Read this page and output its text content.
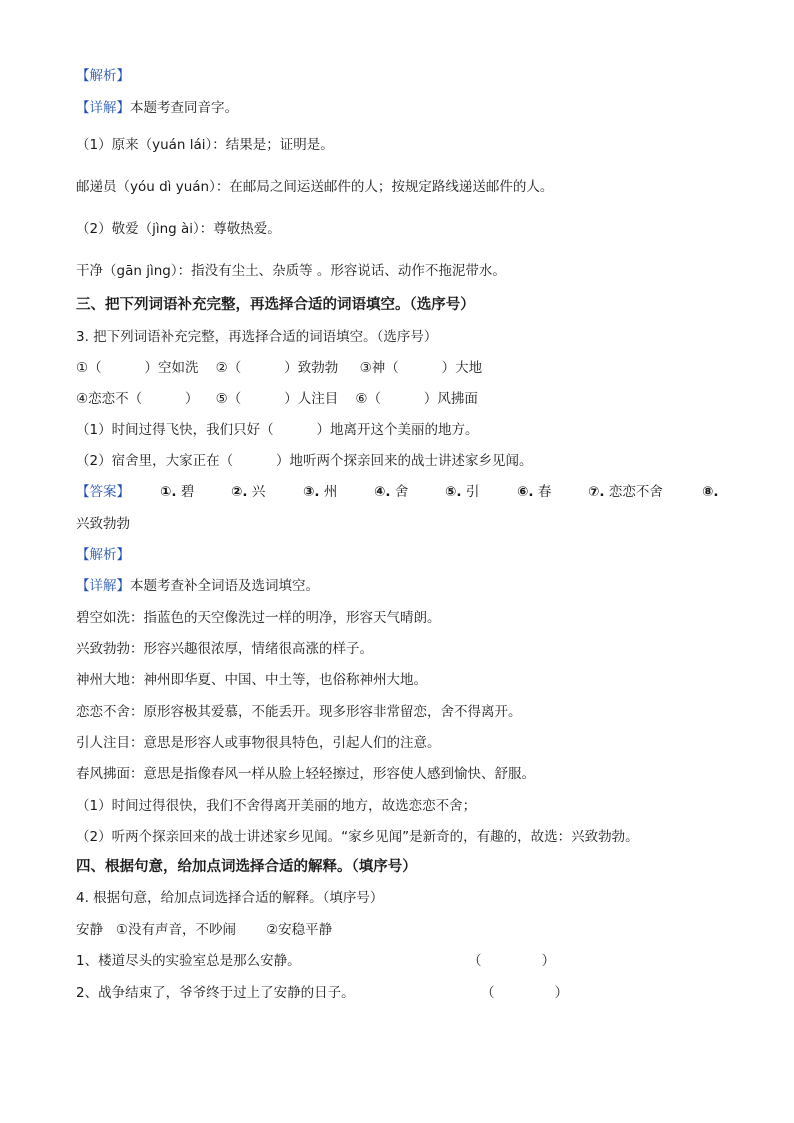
【解析】
【详解】本题考查同音字。
（1）原来（yuán lái）：结果是；证明是。
邮递员（yóu dì yuán）：在邮局之间运送邮件的人；按规定路线递送邮件的人。
（2）敬爱（jìng ài）：尊敬热爱。
干净（gān jìng）：指没有尘土、杂质等 。形容说话、动作不拖泥带水。
三、把下列词语补充完整，再选择合适的词语填空。（选序号）
3. 把下列词语补充完整，再选择合适的词语填空。（选序号）
①（          ）空如洗    ②（          ）致勃勃     ③神（          ）大地
④恋恋不（          ）    ⑤（          ）人注目    ⑥（          ）风拂面
（1）时间过得飞快，我们只好（          ）地离开这个美丽的地方。
（2）宿舍里，大家正在（          ）地听两个探亲回来的战士讲述家乡见闻。
【答案】 ①. 碧	②. 兴	③. 州	④. 舍	⑤. 引	⑥. 春	⑦. 恋恋不舍	⑧.
兴致勃勃
【解析】
【详解】本题考查补全词语及选词填空。
碧空如洗：指蓝色的天空像洗过一样的明净，形容天气晴朗。
兴致勃勃：形容兴趣很浓厚，情绪很高涨的样子。
神州大地：神州即华夏、中国、中土等，也俗称神州大地。
恋恋不舍：原形容极其爱慕，不能丢开。现多形容非常留恋，舍不得离开。
引人注目：意思是形容人或事物很具特色，引起人们的注意。
春风拂面：意思是指像春风一样从脸上轻轻擦过，形容使人感到愉快、舒服。
（1）时间过得很快，我们不舍得离开美丽的地方，故选恋恋不舍；
（2）听两个探亲回来的战士讲述家乡见闻。“家乡见闻”是新奇的，有趣的，故选：兴致勃勃。
四、根据句意，给加点词选择合适的解释。（填序号）
4. 根据句意，给加点词选择合适的解释。（填序号）
安静   ①没有声音，不吵闹       ②安稳平静
1、楼道尽头的实验室总是那么安静。	（              ）
2、战争结束了，爷爷终于过上了安静的日子。	（              ）
